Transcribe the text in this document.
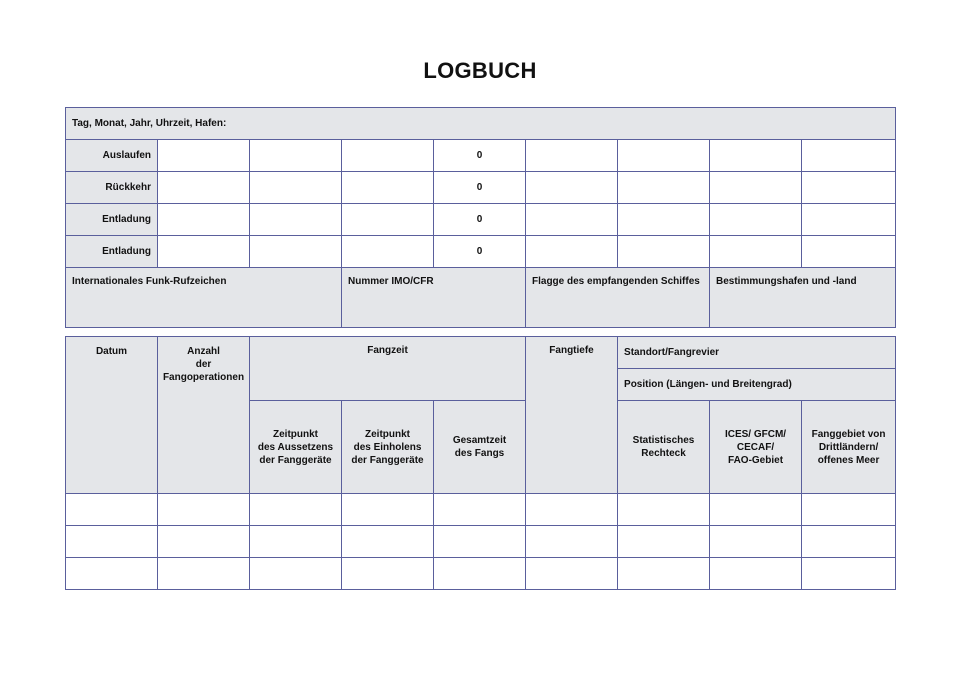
LOGBUCH
Tag, Monat, Jahr, Uhrzeit, Hafen:								
Auslaufen				0				
Rückkehr				0				
Entladung				0				
Entladung				0				
Internationales Funk-Rufzeichen			Nummer IMO/CFR		Flagge des empfangenden Schiffes		Bestimmungshafen und -land	
Datum	Anzahl
der
Fangoperationen	Fangzeit			Fangtiefe	Standort/Fangrevier		
						Position (Längen- und Breitengrad)		
		Zeitpunkt
des Aussetzens
der Fanggeräte	Zeitpunkt
des Einholens
der Fanggeräte	Gesamtzeit
des Fangs		Statistisches
Rechteck	ICES/ GFCM/
CECAF/
FAO-Gebiet	Fanggebiet von
Drittländern/
offenes Meer
